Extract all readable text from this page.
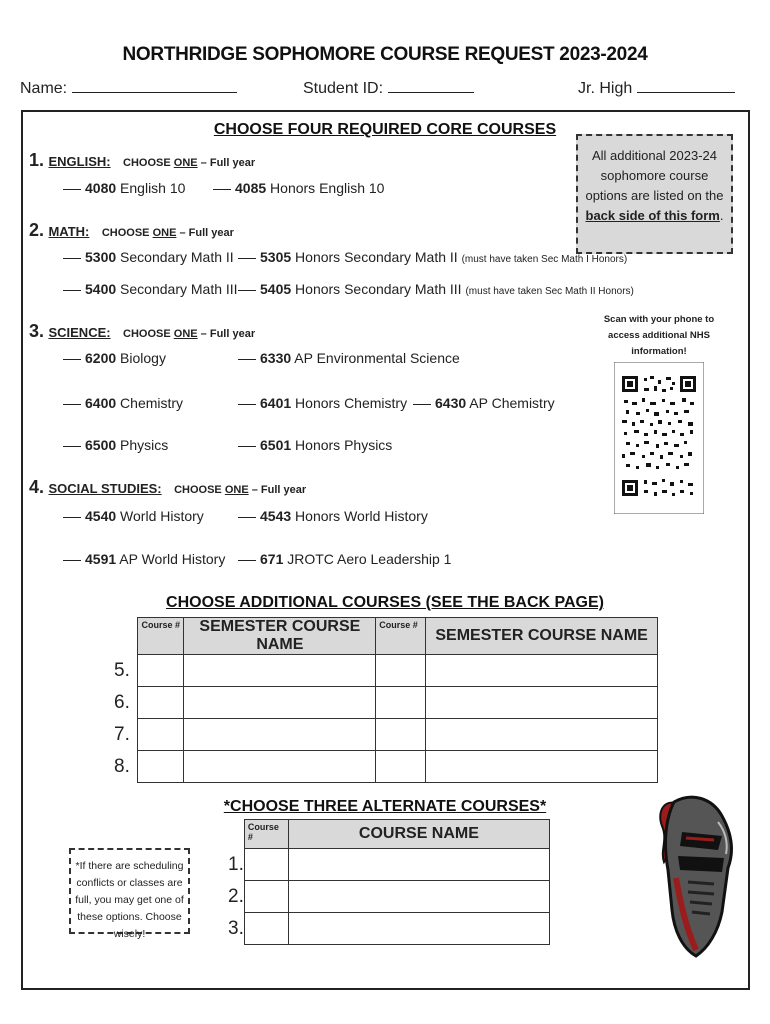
NORTHRIDGE SOPHOMORE COURSE REQUEST 2023-2024
Name:	Student ID:	Jr. High
CHOOSE FOUR REQUIRED CORE COURSES
1. ENGLISH: CHOOSE ONE – Full year
4080 English 10	4085 Honors English 10
2. MATH: CHOOSE ONE – Full year
5300 Secondary Math II	5305 Honors Secondary Math II (must have taken Sec Math I Honors)
5400 Secondary Math III	5405 Honors Secondary Math III (must have taken Sec Math II Honors)
3. SCIENCE: CHOOSE ONE – Full year
6200 Biology	6330 AP Environmental Science
6400 Chemistry	6401 Honors Chemistry	6430 AP Chemistry
6500 Physics	6501 Honors Physics
4. SOCIAL STUDIES: CHOOSE ONE – Full year
4540 World History	4543 Honors World History
4591 AP World History	671 JROTC Aero Leadership 1
All additional 2023-24 sophomore course options are listed on the back side of this form.
Scan with your phone to access additional NHS information!
CHOOSE ADDITIONAL COURSES (SEE THE BACK PAGE)
	Course #	SEMESTER COURSE NAME	Course #	SEMESTER COURSE NAME
5.				
6.				
7.				
8.				
*CHOOSE THREE ALTERNATE COURSES*
	Course #	COURSE NAME
1.		
2.		
3.		
*If there are scheduling conflicts or classes are full, you may get one of these options. Choose wisely!
